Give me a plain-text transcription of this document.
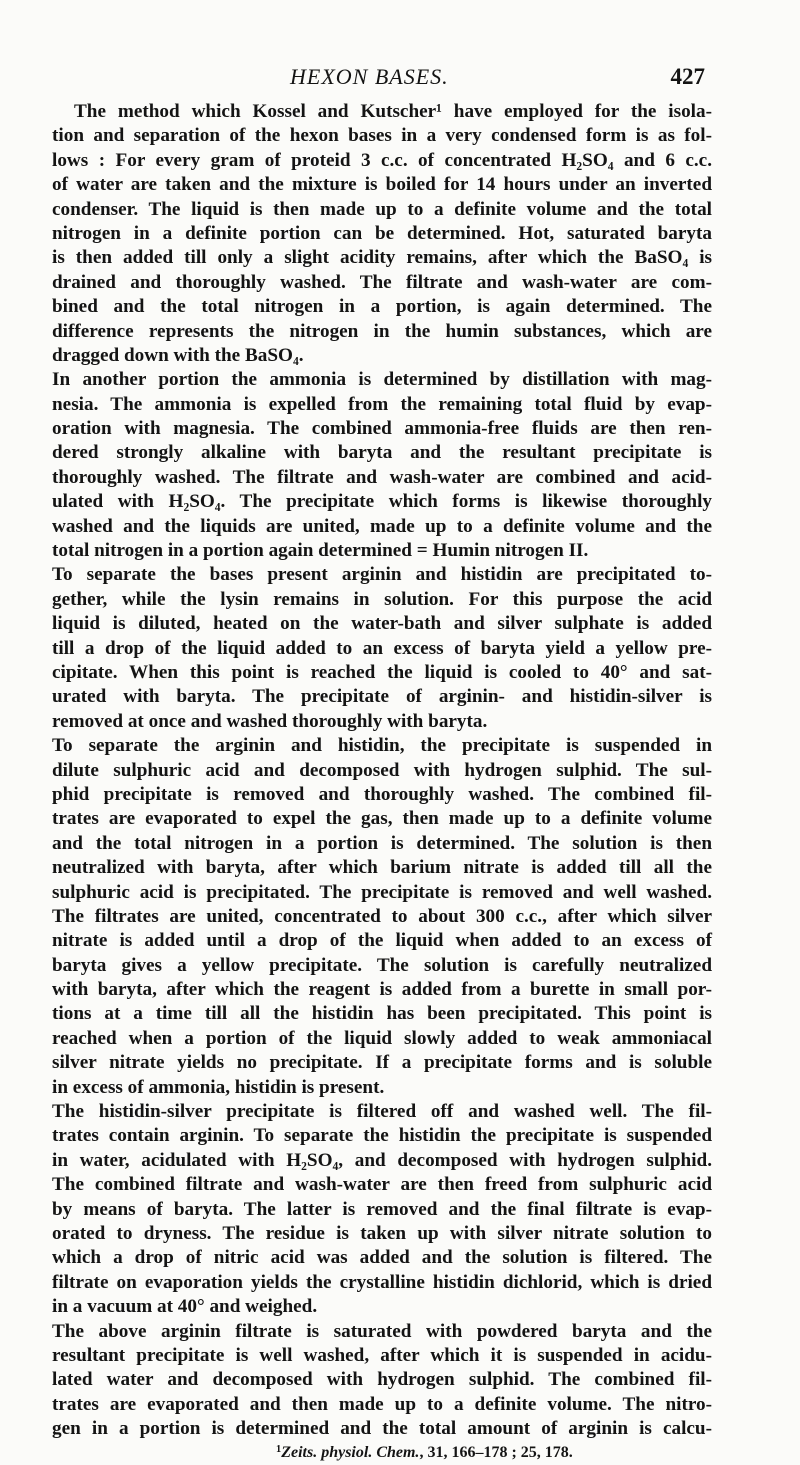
HEXON BASES.	427
The method which Kossel and Kutscher¹ have employed for the isola-
tion and separation of the hexon bases in a very condensed form is as fol-
lows : For every gram of proteid 3 c.c. of concentrated H₂SO₄ and 6 c.c.
of water are taken and the mixture is boiled for 14 hours under an inverted
condenser. The liquid is then made up to a definite volume and the total
nitrogen in a definite portion can be determined. Hot, saturated baryta
is then added till only a slight acidity remains, after which the BaSO₄ is
drained and thoroughly washed. The filtrate and wash-water are com-
bined and the total nitrogen in a portion, is again determined. The
difference represents the nitrogen in the humin substances, which are
dragged down with the BaSO₄.
In another portion the ammonia is determined by distillation with mag-
nesia. The ammonia is expelled from the remaining total fluid by evap-
oration with magnesia. The combined ammonia-free fluids are then ren-
dered strongly alkaline with baryta and the resultant precipitate is
thoroughly washed. The filtrate and wash-water are combined and acid-
ulated with H₂SO₄. The precipitate which forms is likewise thoroughly
washed and the liquids are united, made up to a definite volume and the
total nitrogen in a portion again determined = Humin nitrogen II.
To separate the bases present arginin and histidin are precipitated to-
gether, while the lysin remains in solution. For this purpose the acid
liquid is diluted, heated on the water-bath and silver sulphate is added
till a drop of the liquid added to an excess of baryta yield a yellow pre-
cipitate. When this point is reached the liquid is cooled to 40° and sat-
urated with baryta. The precipitate of arginin- and histidin-silver is
removed at once and washed thoroughly with baryta.
To separate the arginin and histidin, the precipitate is suspended in
dilute sulphuric acid and decomposed with hydrogen sulphid. The sul-
phid precipitate is removed and thoroughly washed. The combined fil-
trates are evaporated to expel the gas, then made up to a definite volume
and the total nitrogen in a portion is determined. The solution is then
neutralized with baryta, after which barium nitrate is added till all the
sulphuric acid is precipitated. The precipitate is removed and well washed.
The filtrates are united, concentrated to about 300 c.c., after which silver
nitrate is added until a drop of the liquid when added to an excess of
baryta gives a yellow precipitate. The solution is carefully neutralized
with baryta, after which the reagent is added from a burette in small por-
tions at a time till all the histidin has been precipitated. This point is
reached when a portion of the liquid slowly added to weak ammoniacal
silver nitrate yields no precipitate. If a precipitate forms and is soluble
in excess of ammonia, histidin is present.
The histidin-silver precipitate is filtered off and washed well. The fil-
trates contain arginin. To separate the histidin the precipitate is suspended
in water, acidulated with H₂SO₄, and decomposed with hydrogen sulphid.
The combined filtrate and wash-water are then freed from sulphuric acid
by means of baryta. The latter is removed and the final filtrate is evap-
orated to dryness. The residue is taken up with silver nitrate solution to
which a drop of nitric acid was added and the solution is filtered. The
filtrate on evaporation yields the crystalline histidin dichlorid, which is dried
in a vacuum at 40° and weighed.
The above arginin filtrate is saturated with powdered baryta and the
resultant precipitate is well washed, after which it is suspended in acidu-
lated water and decomposed with hydrogen sulphid. The combined fil-
trates are evaporated and then made up to a definite volume. The nitro-
gen in a portion is determined and the total amount of arginin is calcu-
$^1$Zeits. physiol. Chem., 31, 166–178 ; 25, 178.
